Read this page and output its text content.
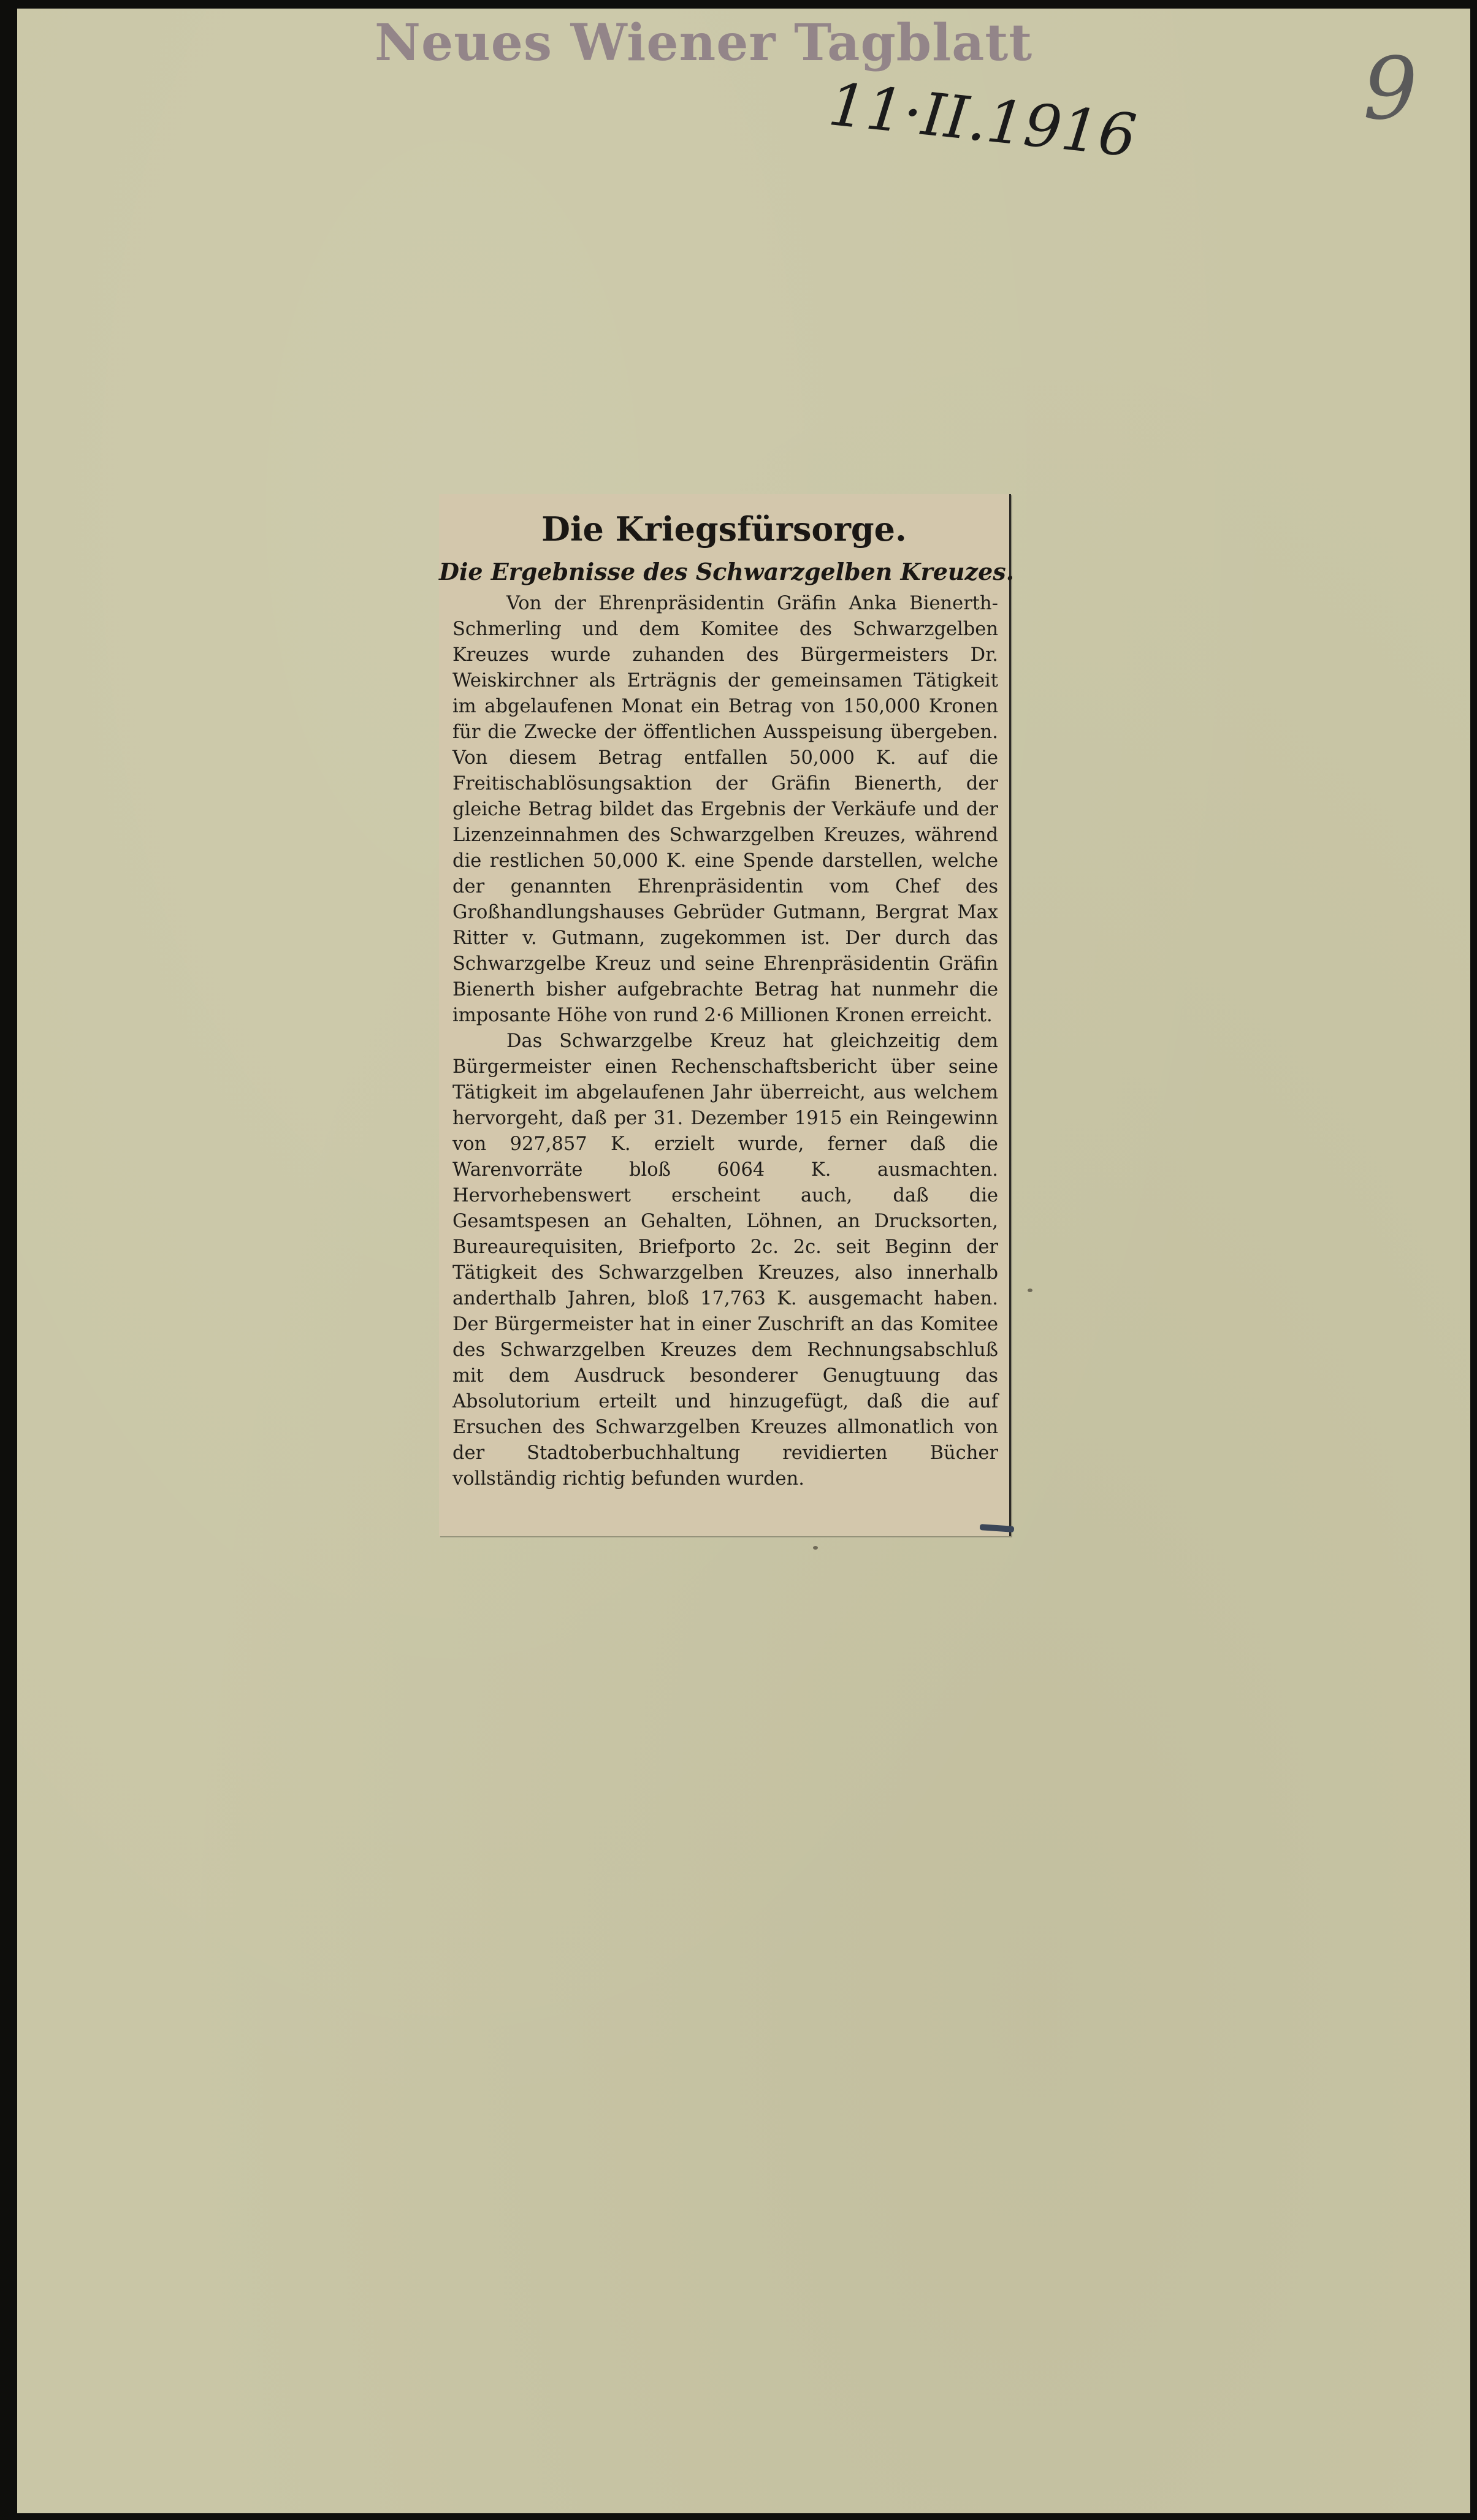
Neues Wiener Tagblatt
11·II.1916	9
Die Kriegsfürsorge.
Die Ergebnisse des Schwarzgelben Kreuzes.

Von der Ehrenpräsidentin Gräfin Anka Bienerth-Schmerling und dem Komitee des Schwarzgelben Kreuzes wurde zuhanden des Bürgermeisters Dr. Weiskirchner als Erträgnis der gemeinsamen Tätigkeit im abgelaufenen Monat ein Betrag von 150,000 Kronen für die Zwecke der öffentlichen Ausspeisung übergeben. Von diesem Betrag entfallen 50,000 K. auf die Freitischablösungsaktion der Gräfin Bienerth, der gleiche Betrag bildet das Ergebnis der Verkäufe und der Lizenzeinnahmen des Schwarzgelben Kreuzes, während die restlichen 50,000 K. eine Spende darstellen, welche der genannten Ehrenpräsidentin vom Chef des Großhandlungshauses Gebrüder Gutmann, Bergrat Max Ritter v. Gutmann, zugekommen ist. Der durch das Schwarzgelbe Kreuz und seine Ehrenpräsidentin Gräfin Bienerth bisher aufgebrachte Betrag hat nunmehr die imposante Höhe von rund 2·6 Millionen Kronen erreicht.

Das Schwarzgelbe Kreuz hat gleichzeitig dem Bürgermeister einen Rechenschaftsbericht über seine Tätigkeit im abgelaufenen Jahr überreicht, aus welchem hervorgeht, daß per 31. Dezember 1915 ein Reingewinn von 927,857 K. erzielt wurde, ferner daß die Warenvorräte bloß 6064 K. ausmachten. Hervorhebenswert erscheint auch, daß die Gesamtspesen an Gehalten, Löhnen, an Drucksorten, Bureaurequisiten, Briefporto 2c. 2c. seit Beginn der Tätigkeit des Schwarzgelben Kreuzes, also innerhalb anderthalb Jahren, bloß 17,763 K. ausgemacht haben. Der Bürgermeister hat in einer Zuschrift an das Komitee des Schwarzgelben Kreuzes dem Rechnungsabschluß mit dem Ausdruck besonderer Genugtuung das Absolutorium erteilt und hinzugefügt, daß die auf Ersuchen des Schwarzgelben Kreuzes allmonatlich von der Stadtoberbuchhaltung revidierten Bücher vollständig richtig befunden wurden.
